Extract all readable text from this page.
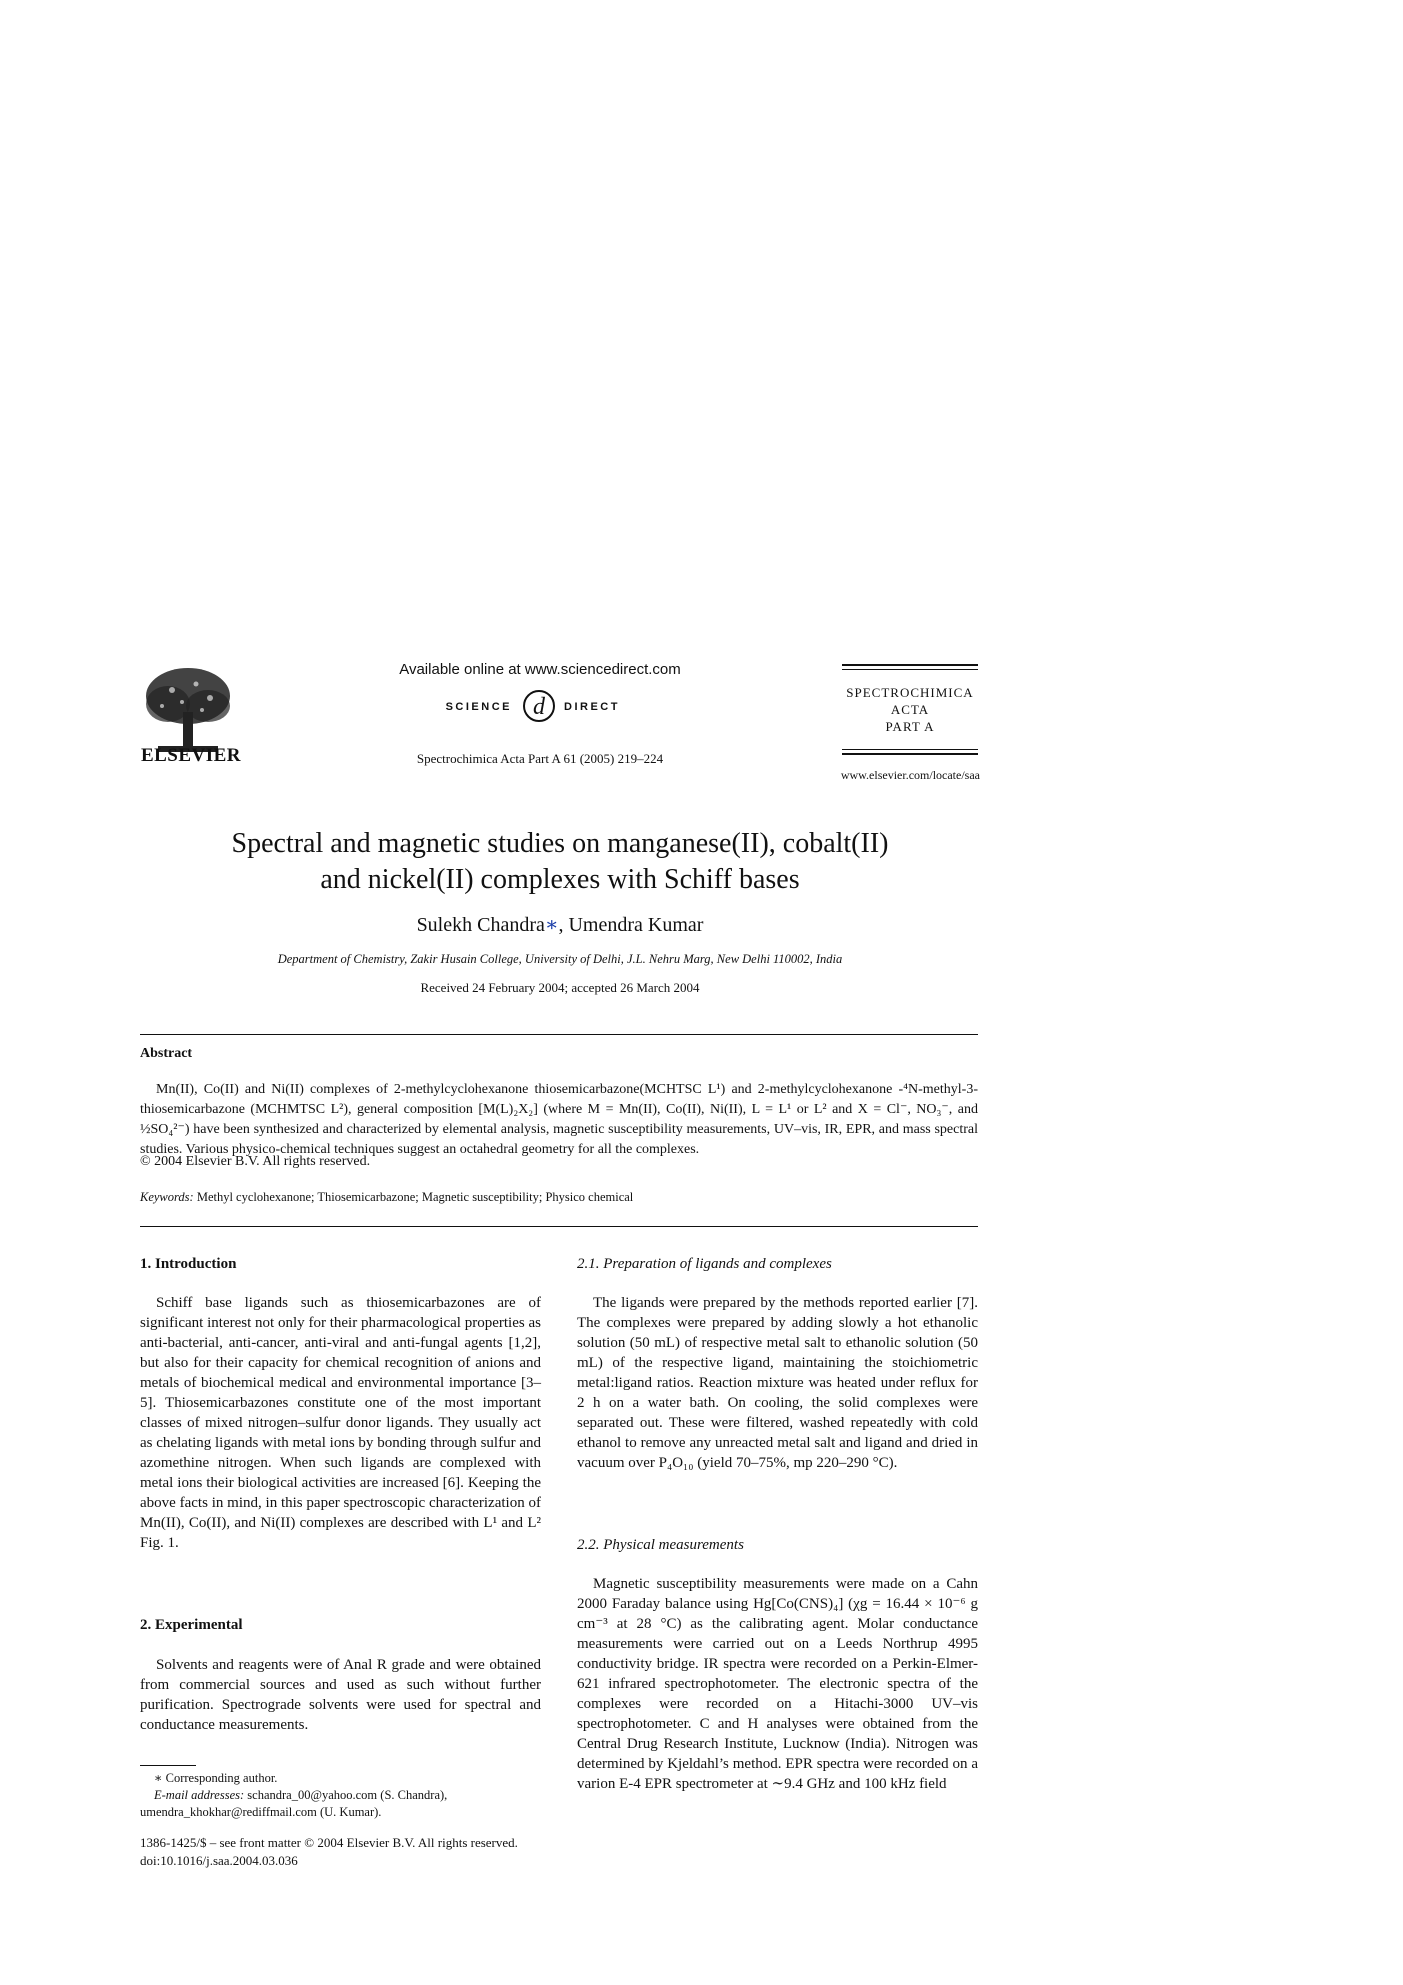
ELSEVIER
Available online at www.sciencedirect.com
SCIENCE d DIRECT
Spectrochimica Acta Part A 61 (2005) 219–224
SPECTROCHIMICA
ACTA
PART A
www.elsevier.com/locate/saa
Spectral and magnetic studies on manganese(II), cobalt(II)
and nickel(II) complexes with Schiff bases
Sulekh Chandra∗, Umendra Kumar
Department of Chemistry, Zakir Husain College, University of Delhi, J.L. Nehru Marg, New Delhi 110002, India
Received 24 February 2004; accepted 26 March 2004
Abstract
Mn(II), Co(II) and Ni(II) complexes of 2-methylcyclohexanone thiosemicarbazone(MCHTSC L¹) and 2-methylcyclohexanone -⁴N-methyl-3-thiosemicarbazone (MCHMTSC L²), general composition [M(L)₂X₂] (where M = Mn(II), Co(II), Ni(II), L = L¹ or L² and X = Cl⁻, NO₃⁻, and ½SO₄²⁻) have been synthesized and characterized by elemental analysis, magnetic susceptibility measurements, UV–vis, IR, EPR, and mass spectral studies. Various physico-chemical techniques suggest an octahedral geometry for all the complexes.
© 2004 Elsevier B.V. All rights reserved.
Keywords: Methyl cyclohexanone; Thiosemicarbazone; Magnetic susceptibility; Physico chemical
1. Introduction

Schiff base ligands such as thiosemicarbazones are of significant interest not only for their pharmacological properties as anti-bacterial, anti-cancer, anti-viral and anti-fungal agents [1,2], but also for their capacity for chemical recognition of anions and metals of biochemical medical and environmental importance [3–5]. Thiosemicarbazones constitute one of the most important classes of mixed nitrogen–sulfur donor ligands. They usually act as chelating ligands with metal ions by bonding through sulfur and azomethine nitrogen. When such ligands are complexed with metal ions their biological activities are increased [6]. Keeping the above facts in mind, in this paper spectroscopic characterization of Mn(II), Co(II), and Ni(II) complexes are described with L¹ and L² Fig. 1.

2. Experimental

Solvents and reagents were of Anal R grade and were obtained from commercial sources and used as such without further purification. Spectrograde solvents were used for spectral and conductance measurements.

∗ Corresponding author.
E-mail addresses: schandra_00@yahoo.com (S. Chandra),
umendra_khokhar@rediffmail.com (U. Kumar).
1386-1425/$ – see front matter © 2004 Elsevier B.V. All rights reserved.
doi:10.1016/j.saa.2004.03.036
2.1. Preparation of ligands and complexes

The ligands were prepared by the methods reported earlier [7]. The complexes were prepared by adding slowly a hot ethanolic solution (50 mL) of respective metal salt to ethanolic solution (50 mL) of the respective ligand, maintaining the stoichiometric metal:ligand ratios. Reaction mixture was heated under reflux for 2 h on a water bath. On cooling, the solid complexes were separated out. These were filtered, washed repeatedly with cold ethanol to remove any unreacted metal salt and ligand and dried in vacuum over P₄O₁₀ (yield 70–75%, mp 220–290 °C).

2.2. Physical measurements

Magnetic susceptibility measurements were made on a Cahn 2000 Faraday balance using Hg[Co(CNS)₄] (χg = 16.44 × 10⁻⁶ g cm⁻³ at 28 °C) as the calibrating agent. Molar conductance measurements were carried out on a Leeds Northrup 4995 conductivity bridge. IR spectra were recorded on a Perkin-Elmer-621 infrared spectrophotometer. The electronic spectra of the complexes were recorded on a Hitachi-3000 UV–vis spectrophotometer. C and H analyses were obtained from the Central Drug Research Institute, Lucknow (India). Nitrogen was determined by Kjeldahl’s method. EPR spectra were recorded on a varion E-4 EPR spectrometer at ∼9.4 GHz and 100 kHz field
